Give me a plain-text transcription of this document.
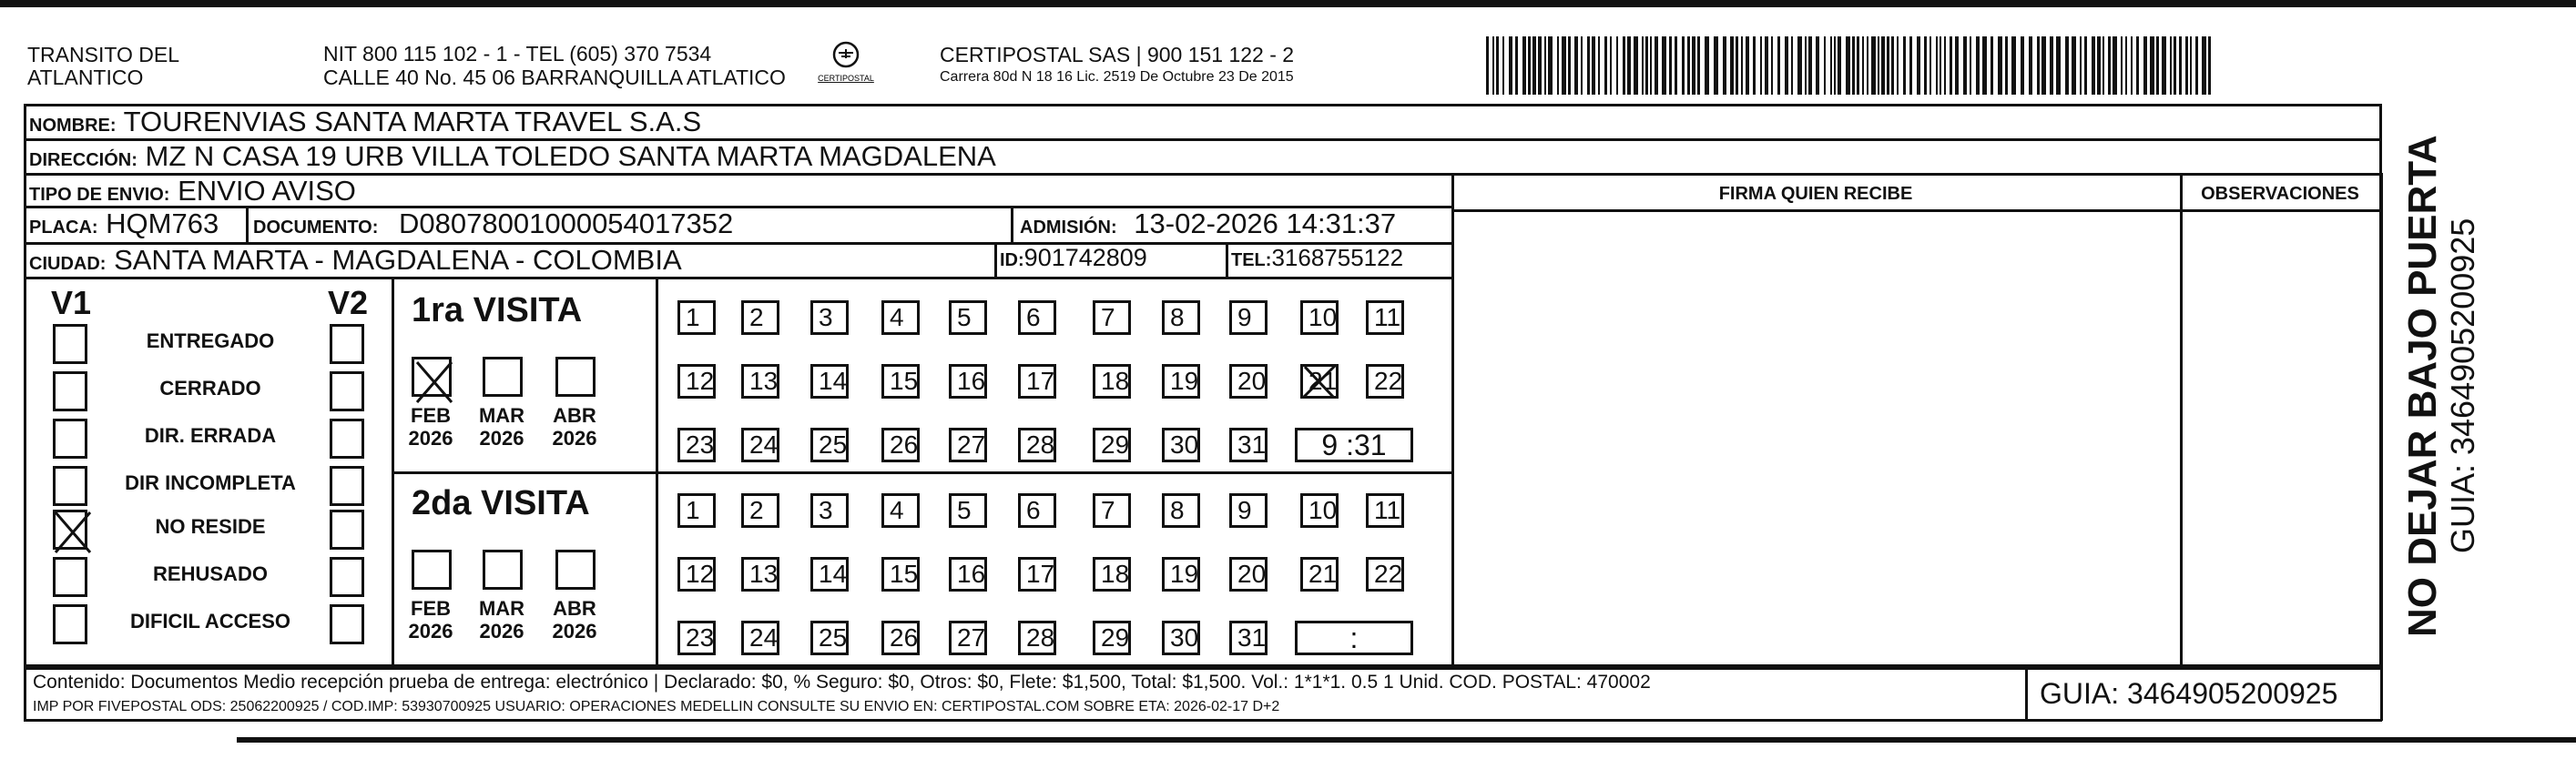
TRANSITO DEL
ATLANTICO
NIT 800 115 102 - 1 - TEL (605) 370 7534
CALLE 40 No. 45 06 BARRANQUILLA ATLATICO	CERTIPOSTAL
CERTIPOSTAL SAS | 900 151 122 - 2
Carrera 80d N 18 16 Lic. 2519 De Octubre 23 De 2015
NOMBRE: TOURENVIAS SANTA MARTA TRAVEL S.A.S
DIRECCIÓN: MZ N CASA 19 URB VILLA TOLEDO SANTA MARTA MAGDALENA
TIPO DE ENVIO: ENVIO AVISO	FIRMA QUIEN RECIBE	OBSERVACIONES
PLACA: HQM763 DOCUMENTO: D080780010000540173​52	ADMISIÓN: 13-02-2026 14:31:37
CIUDAD: SANTA MARTA - MAGDALENA - COLOMBIA	ID:901742809	TEL:3168755122
V1	V2
ENTREGADO
CERRADO
DIR. ERRADA
DIR INCOMPLETA
NO RESIDE
REHUSADO
DIFICIL ACCESO
1ra VISITA
FEB
2026
MAR
2026
ABR
2026
1	2	3	4	5	6	7	8	9	10	11
12	13	14	15	16	17	18	19	20	21	22
23	24	25	26	27	28	29	30	31	9 :31
2da VISITA
FEB
2026
MAR
2026
ABR
2026
1	2	3	4	5	6	7	8	9	10	11
12	13	14	15	16	17	18	19	20	21	22
23	24	25	26	27	28	29	30	31	:
Contenido: Documentos Medio recepción prueba de entrega: electrónico | Declarado: $0, % Seguro: $0, Otros: $0, Flete: $1,500, Total: $1,500. Vol.: 1*1*1. 0.5 1 Unid. COD. POSTAL: 470002
IMP POR FIVEPOSTAL ODS: 25062200925 / COD.IMP: 53930700925 USUARIO: OPERACIONES MEDELLIN CONSULTE SU ENVIO EN: CERTIPOSTAL.COM SOBRE ETA: 2026-02-17 D+2	GUIA: 3464905200925
NO DEJAR BAJO PUERTA GUIA: 3464905200925
